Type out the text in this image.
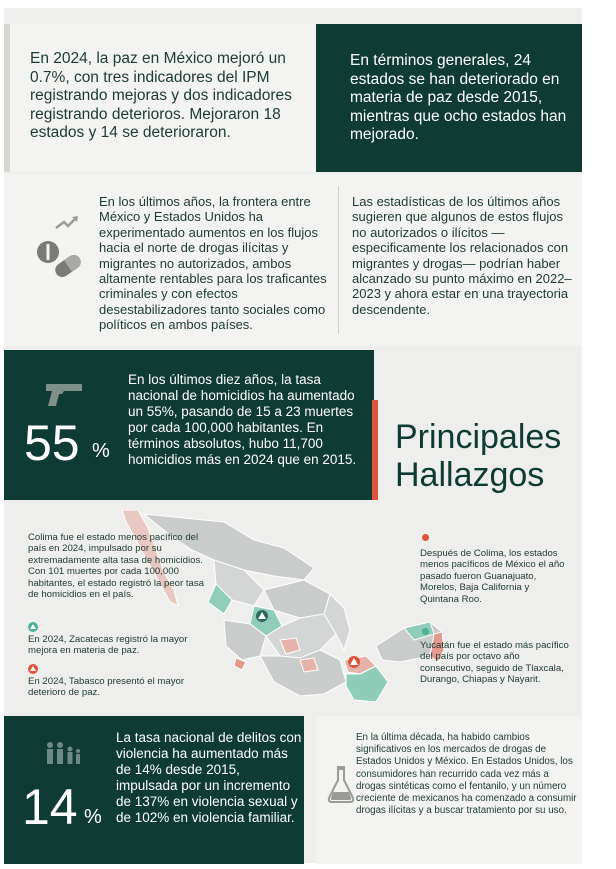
En 2024, la paz en México mejoró un 0.7%, con tres indicadores del IPM registrando mejoras y dos indicadores registrando deterioros. Mejoraron 18 estados y 14 se deterioraron.

En términos generales, 24 estados se han deteriorado en materia de paz desde 2015, mientras que ocho estados han mejorado.

En los últimos años, la frontera entre México y Estados Unidos ha experimentado aumentos en los flujos hacia el norte de drogas ilícitas y migrantes no autorizados, ambos altamente rentables para los traficantes criminales y con efectos desestabilizadores tanto sociales como políticos en ambos países.

Las estadísticas de los últimos años sugieren que algunos de estos flujos no autorizados o ilícitos —especificamente los relacionados con migrantes y drogas— podrían haber alcanzado su punto máximo en 2022–2023 y ahora estar en una trayectoria descendente.

55 %

En los últimos diez años, la tasa nacional de homicidios ha aumentado un 55%, pasando de 15 a 23 muertes por cada 100,000 habitantes. En términos absolutos, hubo 11,700 homicidios más en 2024 que en 2015.

Principales
Hallazgos

Colima fue el estado menos pacífico del país en 2024, impulsado por su extremadamente alta tasa de homicidios. Con 101 muertes por cada 100,000 habitantes, el estado registró la peor tasa de homicidios en el país.

En 2024, Zacatecas registró la mayor mejora en materia de paz.

En 2024, Tabasco presentó el mayor deterioro de paz.

Después de Colima, los estados menos pacíficos de México el año pasado fueron Guanajuato, Morelos, Baja California y Quintana Roo.

Yucatán fue el estado más pacífico del país por octavo año consecutivo, seguido de Tlaxcala, Durango, Chiapas y Nayarit.

14 %

La tasa nacional de delitos con violencia ha aumentado más de 14% desde 2015, impulsada por un incremento de 137% en violencia sexual y de 102% en violencia familiar.

En la última década, ha habido cambios significativos en los mercados de drogas de Estados Unidos y México. En Estados Unidos, los consumidores han recurrido cada vez más a drogas sintéticas como el fentanilo, y un número creciente de mexicanos ha comenzado a consumir drogas ilícitas y a buscar tratamiento por su uso.
